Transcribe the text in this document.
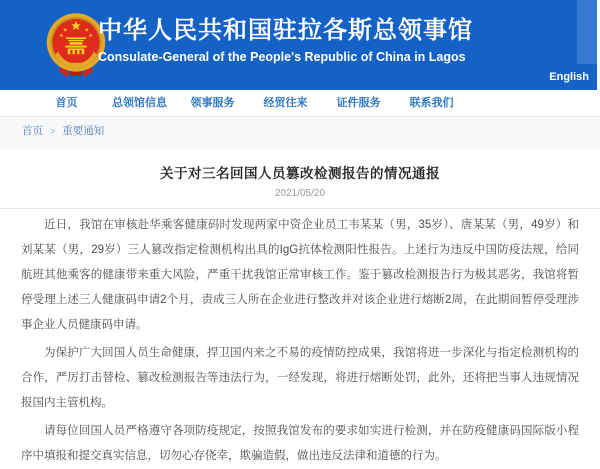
中华人民共和国驻拉各斯总领事馆
Consulate-General of the People's Republic of China in Lagos
English
首页	总领馆信息	领事服务	经贸往来	证件服务	联系我们
首页 > 重要通知
关于对三名回国人员篡改检测报告的情况通报
2021/05/20

近日，我馆在审核赴华乘客健康码时发现两家中资企业员工韦某某（男，35岁）、唐某某（男，49岁）和刘某某（男，29岁）三人篡改指定检测机构出具的IgG抗体检测阳性报告。上述行为违反中国防疫法规，给同航班其他乘客的健康带来重大风险，严重干扰我馆正常审核工作。鉴于篡改检测报告行为极其恶劣，我馆将暂停受理上述三人健康码申请2个月，责成三人所在企业进行整改并对该企业进行熔断2周，在此期间暂停受理涉事企业人员健康码申请。

为保护广大回国人员生命健康，捍卫国内来之不易的疫情防控成果，我馆将进一步深化与指定检测机构的合作，严厉打击替检、篡改检测报告等违法行为，一经发现，将进行熔断处罚，此外，还将把当事人违规情况报国内主管机构。

请每位回国人员严格遵守各项防疫规定，按照我馆发布的要求如实进行检测，并在防疫健康码国际版小程序中填报和提交真实信息，切勿心存侥幸，欺骗造假，做出违反法律和道德的行为。
